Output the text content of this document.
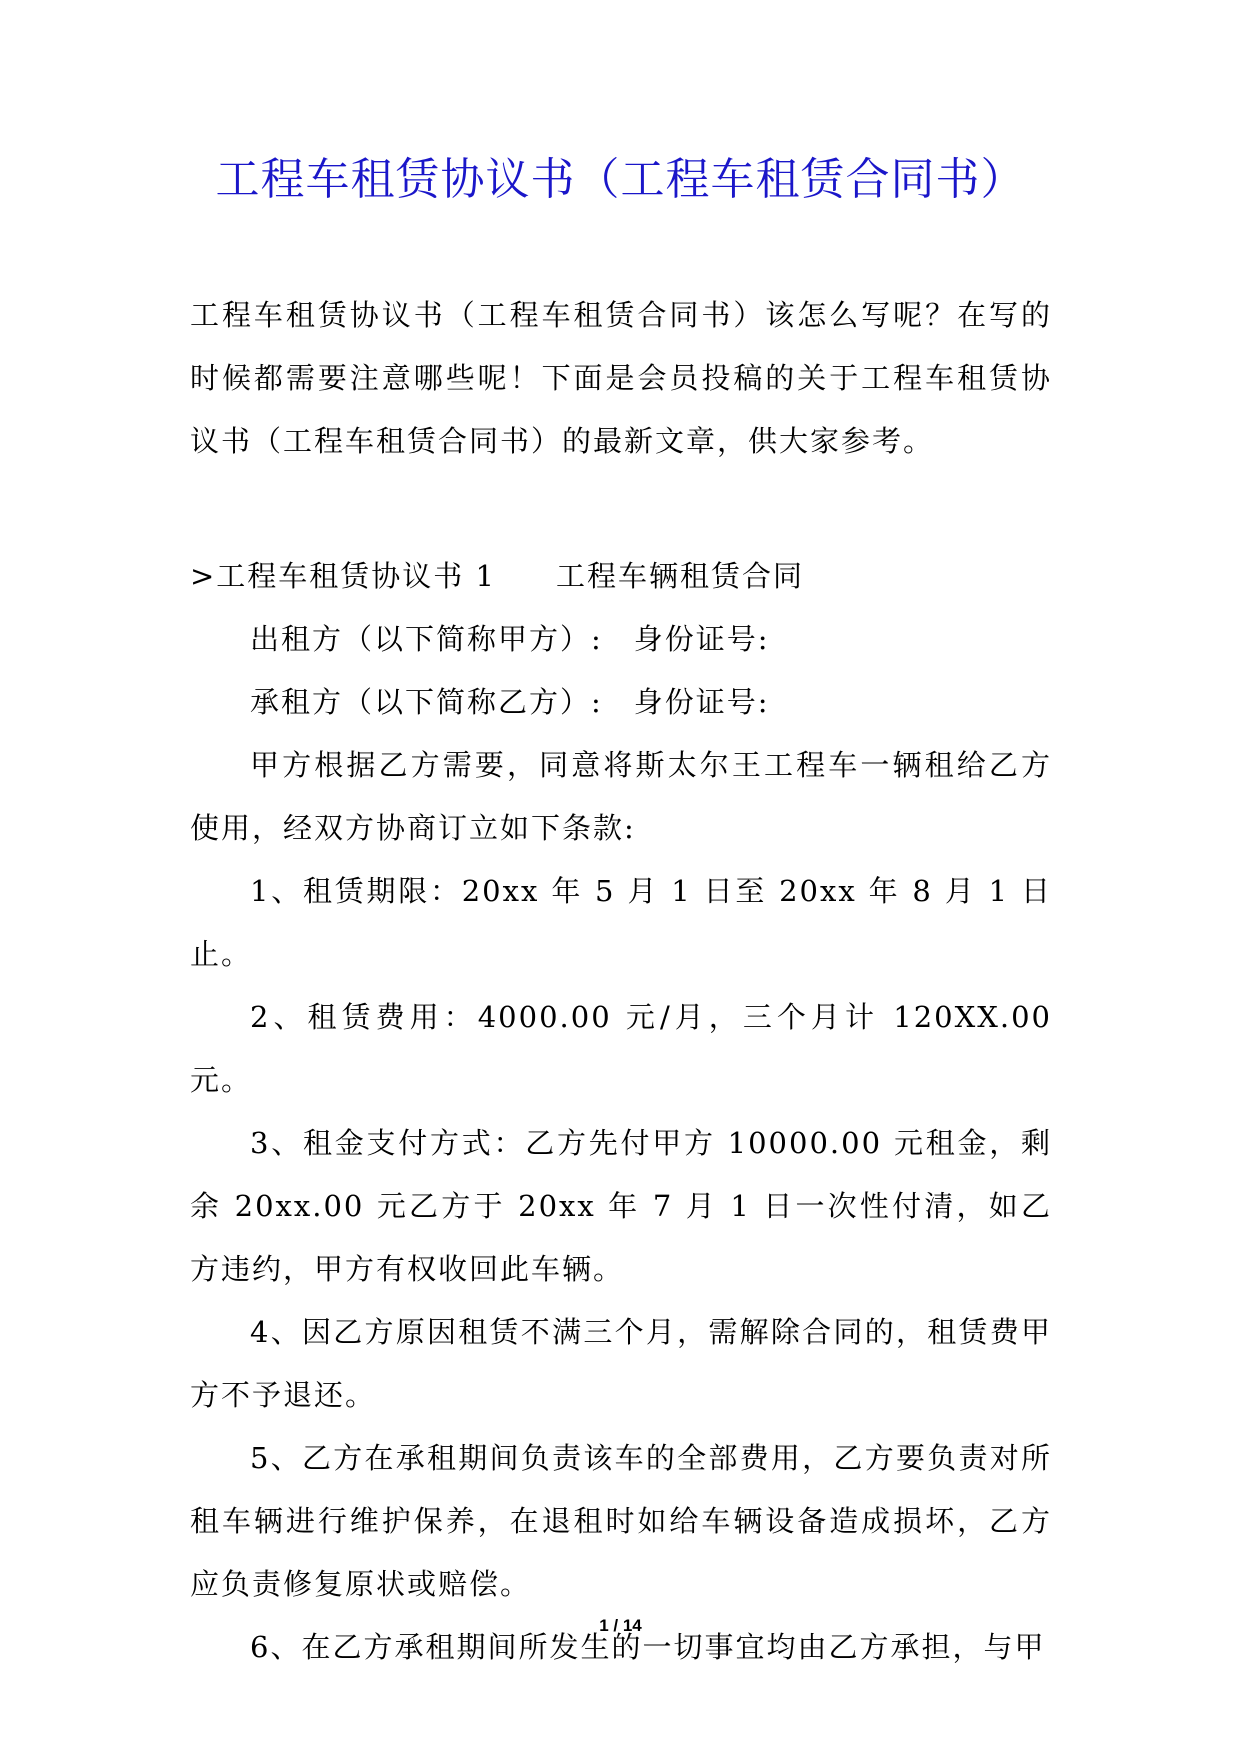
工程车租赁协议书（工程车租赁合同书）

工程车租赁协议书（工程车租赁合同书）该怎么写呢？在写的时候都需要注意哪些呢！下面是会员投稿的关于工程车租赁协议书（工程车租赁合同书）的最新文章，供大家参考。

>工程车租赁协议书 1 工程车辆租赁合同

出租方（以下简称甲方）:　身份证号:

承租方（以下简称乙方）:　身份证号:

甲方根据乙方需要，同意将斯太尔王工程车一辆租给乙方使用，经双方协商订立如下条款:

1、租赁期限：20xx 年 5 月 1 日至 20xx 年 8 月 1 日止。

2、租赁费用：4000.00 元/月，三个月计 120XX.00 元。

3、租金支付方式：乙方先付甲方 10000.00 元租金，剩余 20xx.00 元乙方于 20xx 年 7 月 1 日一次性付清，如乙方违约，甲方有权收回此车辆。

4、因乙方原因租赁不满三个月，需解除合同的，租赁费甲方不予退还。

5、乙方在承租期间负责该车的全部费用，乙方要负责对所租车辆进行维护保养，在退租时如给车辆设备造成损坏，乙方应负责修复原状或赔偿。

6、在乙方承租期间所发生的一切事宜均由乙方承担，与甲

1 / 14
